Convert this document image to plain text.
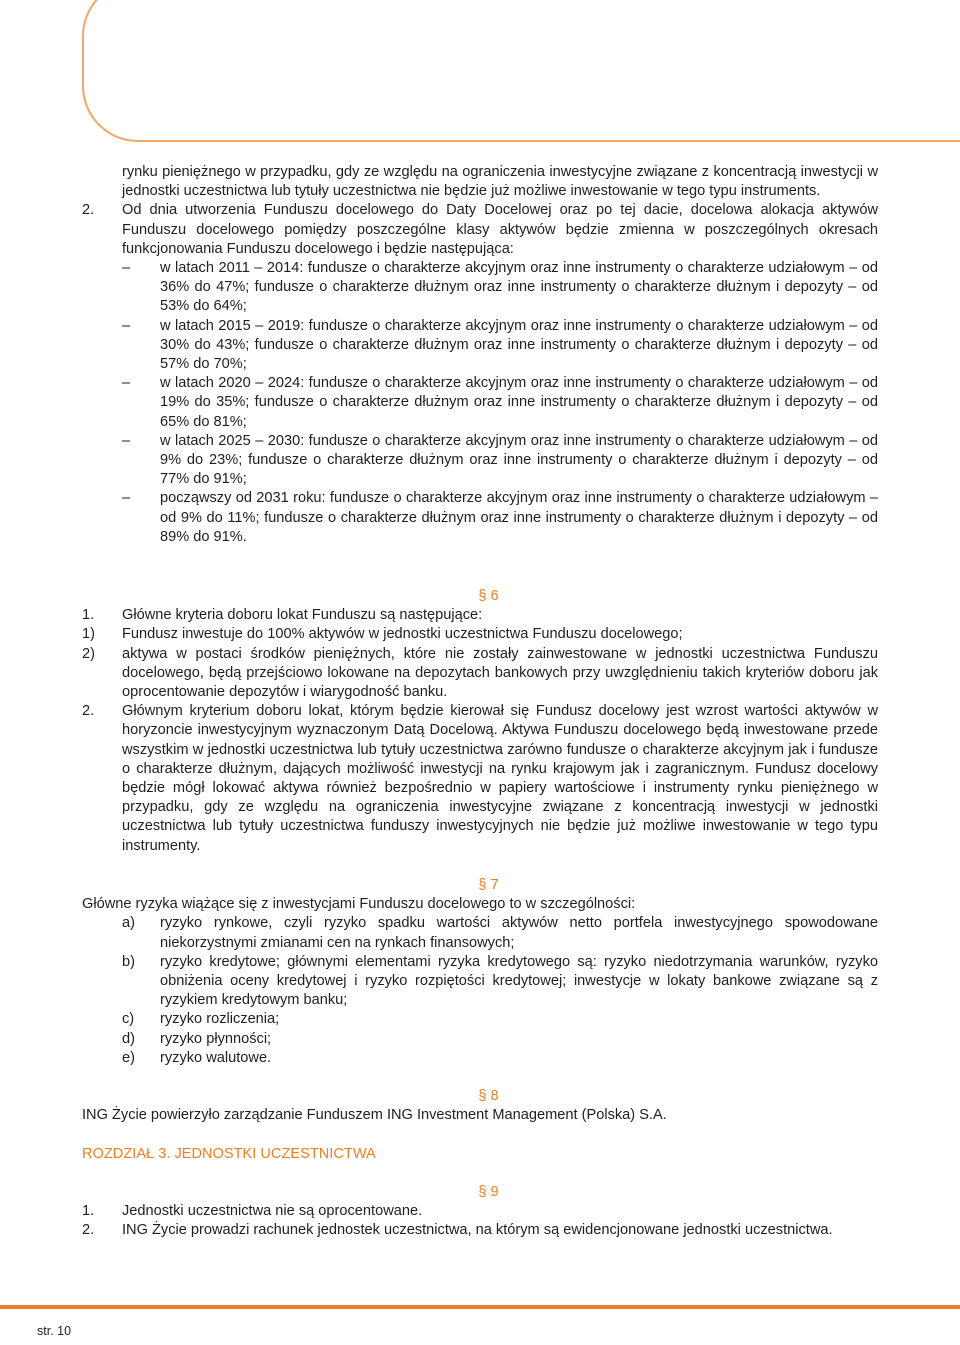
rynku pieniężnego w przypadku, gdy ze względu na ograniczenia inwestycyjne związane z koncentracją inwestycji w jednostki uczestnictwa lub tytuły uczestnictwa nie będzie już możliwe inwestowanie w tego typu instruments.
2. Od dnia utworzenia Funduszu docelowego do Daty Docelowej oraz po tej dacie, docelowa alokacja aktywów Funduszu docelowego pomiędzy poszczególne klasy aktywów będzie zmienna w poszczególnych okresach funkcjonowania Funduszu docelowego i będzie następująca:
– w latach 2011 – 2014: fundusze o charakterze akcyjnym oraz inne instrumenty o charakterze udziałowym – od 36% do 47%; fundusze o charakterze dłużnym oraz inne instrumenty o charakterze dłużnym i depozyty – od 53% do 64%;
– w latach 2015 – 2019: fundusze o charakterze akcyjnym oraz inne instrumenty o charakterze udziałowym – od 30% do 43%; fundusze o charakterze dłużnym oraz inne instrumenty o charakterze dłużnym i depozyty – od 57% do 70%;
– w latach 2020 – 2024: fundusze o charakterze akcyjnym oraz inne instrumenty o charakterze udziałowym – od 19% do 35%; fundusze o charakterze dłużnym oraz inne instrumenty o charakterze dłużnym i depozyty – od 65% do 81%;
– w latach 2025 – 2030: fundusze o charakterze akcyjnym oraz inne instrumenty o charakterze udziałowym – od 9% do 23%; fundusze o charakterze dłużnym oraz inne instrumenty o charakterze dłużnym i depozyty – od 77% do 91%;
– począwszy od 2031 roku: fundusze o charakterze akcyjnym oraz inne instrumenty o charakterze udziałowym – od 9% do 11%; fundusze o charakterze dłużnym oraz inne instrumenty o charakterze dłużnym i depozyty – od 89% do 91%.
§ 6
1. Główne kryteria doboru lokat Funduszu są następujące:
1) Fundusz inwestuje do 100% aktywów w jednostki uczestnictwa Funduszu docelowego;
2) aktywa w postaci środków pieniężnych, które nie zostały zainwestowane w jednostki uczestnictwa Funduszu docelowego, będą przejściowo lokowane na depozytach bankowych przy uwzględnieniu takich kryteriów doboru jak oprocentowanie depozytów i wiarygodność banku.
2. Głównym kryterium doboru lokat, którym będzie kierował się Fundusz docelowy jest wzrost wartości aktywów w horyzoncie inwestycyjnym wyznaczonym Datą Docelową. Aktywa Funduszu docelowego będą inwestowane przede wszystkim w jednostki uczestnictwa lub tytuły uczestnictwa zarówno fundusze o charakterze akcyjnym jak i fundusze o charakterze dłużnym, dających możliwość inwestycji na rynku krajowym jak i zagranicznym. Fundusz docelowy będzie mógł lokować aktywa również bezpośrednio w papiery wartościowe i instrumenty rynku pieniężnego w przypadku, gdy ze względu na ograniczenia inwestycyjne związane z koncentracją inwestycji w jednostki uczestnictwa lub tytuły uczestnictwa funduszy inwestycyjnych nie będzie już możliwe inwestowanie w tego typu instrumenty.
§ 7
Główne ryzyka wiążące się z inwestycjami Funduszu docelowego to w szczególności:
a) ryzyko rynkowe, czyli ryzyko spadku wartości aktywów netto portfela inwestycyjnego spowodowane niekorzystnymi zmianami cen na rynkach finansowych;
b) ryzyko kredytowe; głównymi elementami ryzyka kredytowego są: ryzyko niedotrzymania warunków, ryzyko obniżenia oceny kredytowej i ryzyko rozpiętości kredytowej; inwestycje w lokaty bankowe związane są z ryzykiem kredytowym banku;
c) ryzyko rozliczenia;
d) ryzyko płynności;
e) ryzyko walutowe.
§ 8
ING Życie powierzyło zarządzanie Funduszem ING Investment Management (Polska) S.A.
ROZDZIAŁ 3. JEDNOSTKI UCZESTNICTWA
§ 9
1. Jednostki uczestnictwa nie są oprocentowane.
2. ING Życie prowadzi rachunek jednostek uczestnictwa, na którym są ewidencjonowane jednostki uczestnictwa.
str. 10
